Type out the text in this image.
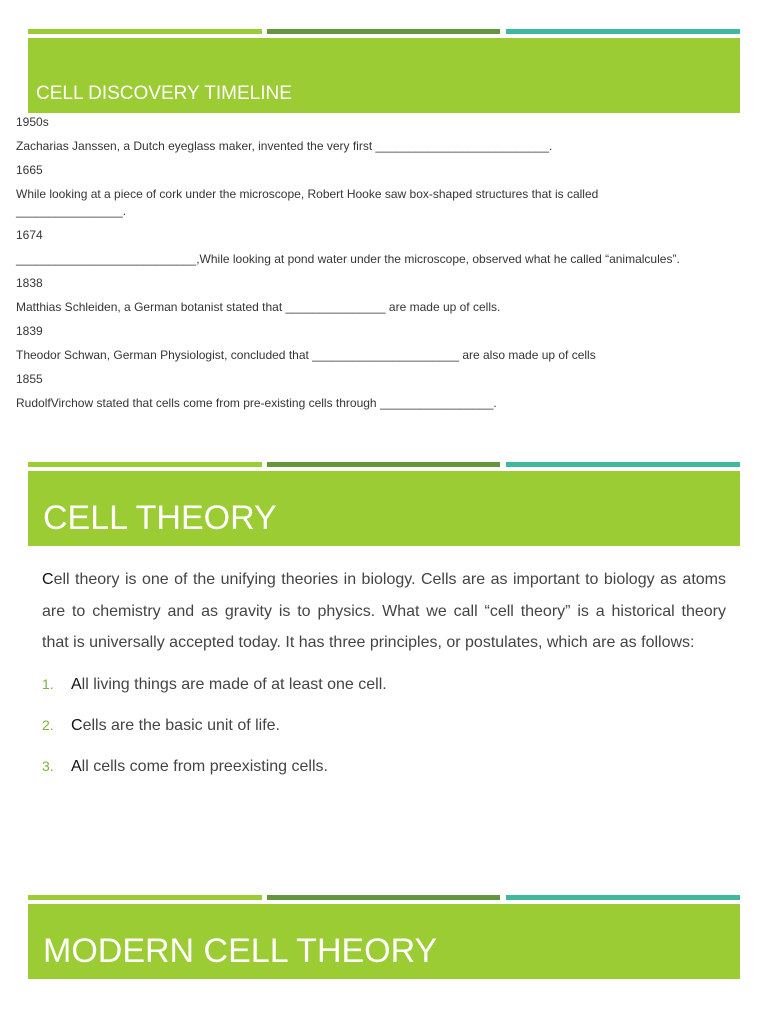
CELL DISCOVERY TIMELINE
1950s
Zacharias Janssen, a Dutch eyeglass maker, invented the very first __________________________.
1665
While looking at a piece of cork under the microscope, Robert Hooke saw box-shaped structures that is called ________________.
1674
___________________________,While looking at pond water under the microscope, observed what he called “animalcules”.
1838
Matthias Schleiden, a German botanist stated that _______________ are made up of cells.
1839
Theodor Schwan, German Physiologist, concluded that ______________________ are also made up of cells
1855
RudolfVirchow stated that cells come from pre-existing cells through _________________.
CELL THEORY
Cell theory is one of the unifying theories in biology. Cells are as important to biology as atoms
are to chemistry and as gravity is to physics. What we call “cell theory” is a historical theory
that is universally accepted today. It has three principles, or postulates, which are as follows:
1.	All living things are made of at least one cell.
2.	Cells are the basic unit of life.
3.	All cells come from preexisting cells.
MODERN CELL THEORY
